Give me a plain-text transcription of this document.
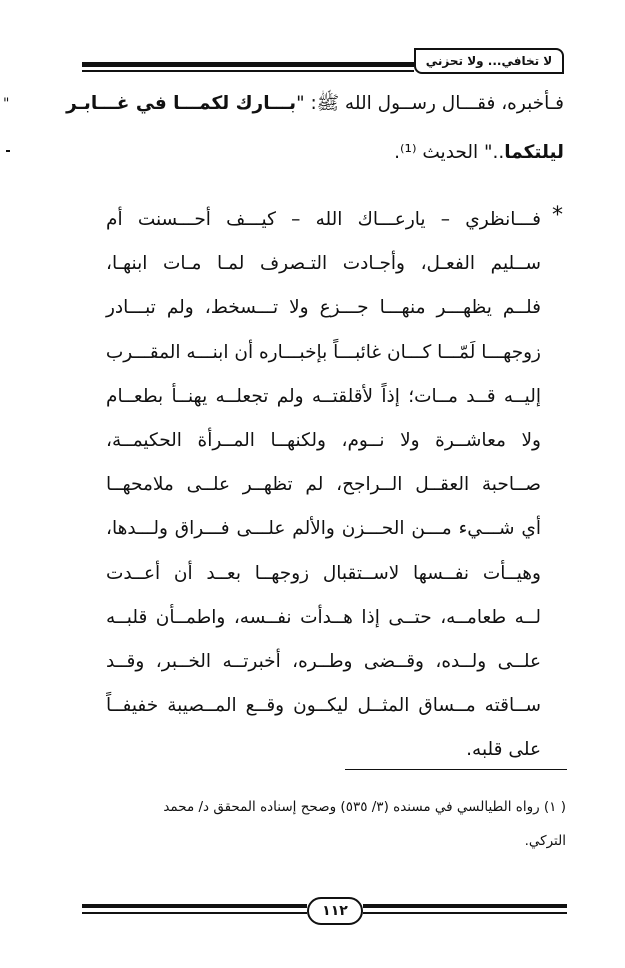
لا تخافي... ولا تحزني
"	فـأخبره، فقـــال رســول الله ﷺ: "بـــارك لكمـــا في غـــابـر
ليلتكما.." الحديث ⁽¹⁾.
*
فـــانظري – يارعـــاك الله – كيـــف أحـــسنت أم
ســليم الفعـل، وأجـادت التـصرف لمـا مـات ابنهـا،
فلــم يظهـــر منهـــا جـــزع ولا تـــسخط، ولم تبـــادر
زوجهـــا لَمّـــا كـــان غائبـــاً بإخبـــاره أن ابنـــه المقـــرب
إليــه قــد مــات؛ إذاً لأقلقتــه ولم تجعلــه يهنــأ بطعــام
ولا معاشــرة ولا نــوم، ولكنهــا المــرأة الحكيمــة،
صــاحبة العقــل الــراجح، لم تظهــر علــى ملامحهــا
أي شـــيء مـــن الحـــزن والألم علـــى فـــراق ولـــدها،
وهيــأت نفــسها لاســتقبال زوجهــا بعــد أن أعــدت
لــه طعامــه، حتــى إذا هــدأت نفــسه، واطمــأن قلبــه
علــى ولــده، وقــضى وطــره، أخبرتــه الخــبر، وقــد
ســاقته مــساق المثــل ليكــون وقــع المــصيبة خفيفــاً
على قلبه.
( ١) رواه الطيالسي في مسنده (٣/ ٥٣٥) وصحح إسناده المحقق د/ محمد
التركي.
١١٢
